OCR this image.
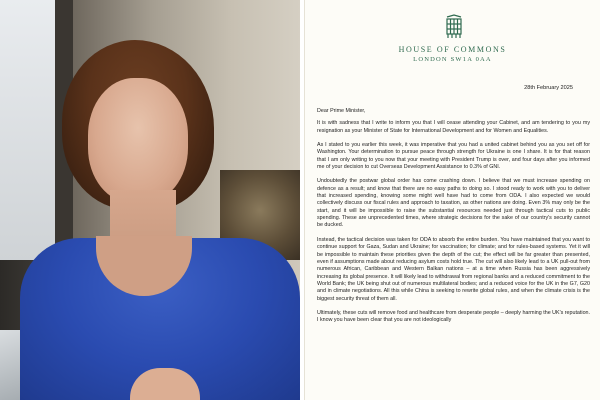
HOUSE OF COMMONS
LONDON SW1A 0AA
28th February 2025

Dear Prime Minister,

It is with sadness that I write to inform you that I will cease attending your Cabinet, and am tendering to you my resignation as your Minister of State for International Development and for Women and Equalities.

As I stated to you earlier this week, it was imperative that you had a united cabinet behind you as you set off for Washington. Your determination to pursue peace through strength for Ukraine is one I share. It is for that reason that I am only writing to you now that your meeting with President Trump is over, and four days after you informed me of your decision to cut Overseas Development Assistance to 0.3% of GNI.

Undoubtedly the postwar global order has come crashing down. I believe that we must increase spending on defence as a result; and know that there are no easy paths to doing so. I stood ready to work with you to deliver that increased spending, knowing some might well have had to come from ODA. I also expected we would collectively discuss our fiscal rules and approach to taxation, as other nations are doing. Even 3% may only be the start, and it will be impossible to raise the substantial resources needed just through tactical cuts to public spending. These are unprecedented times, where strategic decisions for the sake of our country's security cannot be ducked.

Instead, the tactical decision was taken for ODA to absorb the entire burden. You have maintained that you want to continue support for Gaza, Sudan and Ukraine; for vaccination; for climate; and for rules-based systems. Yet it will be impossible to maintain these priorities given the depth of the cut; the effect will be far greater than presented, even if assumptions made about reducing asylum costs hold true. The cut will also likely lead to a UK pull-out from numerous African, Caribbean and Western Balkan nations – at a time when Russia has been aggressively increasing its global presence. It will likely lead to withdrawal from regional banks and a reduced commitment to the World Bank; the UK being shut out of numerous multilateral bodies; and a reduced voice for the UK in the G7, G20 and in climate negotiations. All this while China is seeking to rewrite global rules, and when the climate crisis is the biggest security threat of them all.

Ultimately, these cuts will remove food and healthcare from desperate people – deeply harming the UK's reputation. I know you have been clear that you are not ideologically
